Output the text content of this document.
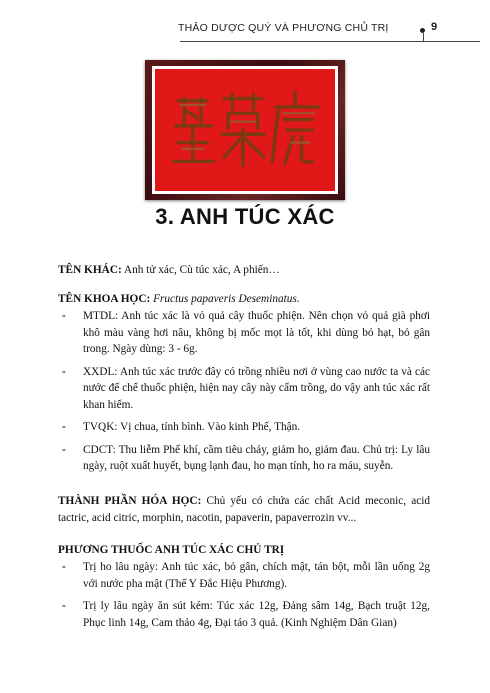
THẢO DƯỢC QUÝ VÀ PHƯƠNG CHỦ TRỊ	9
3. ANH TÚC XÁC
TÊN KHÁC: Anh tử xác, Cù túc xác, A phiến…
TÊN KHOA HỌC: Fructus papaveris Deseminatus.
- MTDL: Anh túc xác là vỏ quả cây thuốc phiện. Nên chọn vỏ quả già phơi khô màu vàng hơi nâu, không bị mốc mọt là tốt, khi dùng bỏ hạt, bỏ gân trong. Ngày dùng: 3 - 6g.
- XXDL: Anh túc xác trước đây có trồng nhiều nơi ở vùng cao nước ta và các nước để chế thuốc phiện, hiện nay cây này cấm trồng, do vậy anh túc xác rất khan hiếm.
- TVQK: Vị chua, tính bình. Vào kinh Phế, Thận.
- CDCT: Thu liễm Phế khí, cầm tiêu chảy, giảm ho, giảm đau. Chủ trị: Ly lâu ngày, ruột xuất huyết, bụng lạnh đau, ho mạn tính, ho ra máu, suyễn.
THÀNH PHẦN HÓA HỌC: Chủ yếu có chứa các chất Acid meconic, acid tactric, acid citric, morphin, nacotin, papaverin, papaverrozin vv...
PHƯƠNG THUỐC ANH TÚC XÁC CHỦ TRỊ
- Trị ho lâu ngày: Anh túc xác, bỏ gân, chích mật, tán bột, mỗi lần uống 2g với nước pha mật (Thế Y Đắc Hiệu Phương).
- Trị ly lâu ngày ăn sút kém: Túc xác 12g, Đảng sâm 14g, Bạch truật 12g, Phục linh 14g, Cam thảo 4g, Đại táo 3 quả. (Kinh Nghiệm Dân Gian)
